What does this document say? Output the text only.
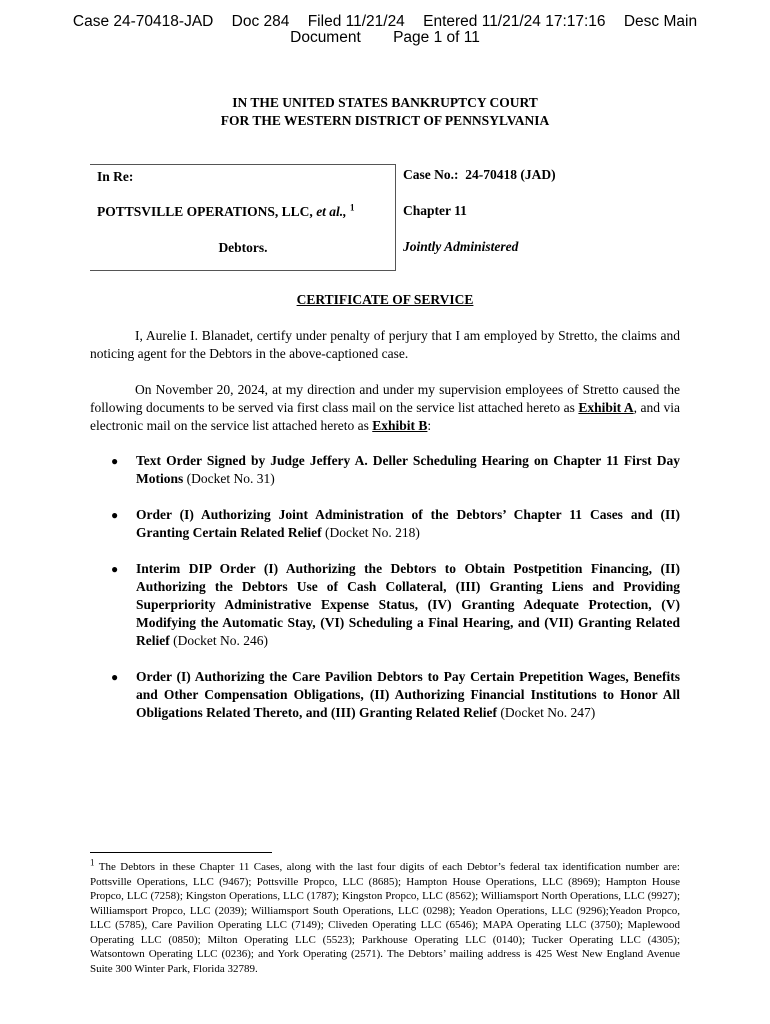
Case 24-70418-JAD Doc 284 Filed 11/21/24 Entered 11/21/24 17:17:16 Desc Main
Document Page 1 of 11
IN THE UNITED STATES BANKRUPTCY COURT
FOR THE WESTERN DISTRICT OF PENNSYLVANIA
In Re:
POTTSVILLE OPERATIONS, LLC, et al., $^1$
Debtors.
Case No.: 24-70418 (JAD)
Chapter 11
Jointly Administered
CERTIFICATE OF SERVICE
I, Aurelie I. Blanadet, certify under penalty of perjury that I am employed by Stretto, the claims and noticing agent for the Debtors in the above-captioned case.
On November 20, 2024, at my direction and under my supervision employees of Stretto caused the following documents to be served via first class mail on the service list attached hereto as Exhibit A, and via electronic mail on the service list attached hereto as Exhibit B:
● Text Order Signed by Judge Jeffery A. Deller Scheduling Hearing on Chapter 11 First Day Motions (Docket No. 31)
● Order (I) Authorizing Joint Administration of the Debtors’ Chapter 11 Cases and (II) Granting Certain Related Relief (Docket No. 218)
● Interim DIP Order (I) Authorizing the Debtors to Obtain Postpetition Financing, (II) Authorizing the Debtors Use of Cash Collateral, (III) Granting Liens and Providing Superpriority Administrative Expense Status, (IV) Granting Adequate Protection, (V) Modifying the Automatic Stay, (VI) Scheduling a Final Hearing, and (VII) Granting Related Relief (Docket No. 246)
● Order (I) Authorizing the Care Pavilion Debtors to Pay Certain Prepetition Wages, Benefits and Other Compensation Obligations, (II) Authorizing Financial Institutions to Honor All Obligations Related Thereto, and (III) Granting Related Relief (Docket No. 247)
$^1$ The Debtors in these Chapter 11 Cases, along with the last four digits of each Debtor’s federal tax identification number are: Pottsville Operations, LLC (9467); Pottsville Propco, LLC (8685); Hampton House Operations, LLC (8969); Hampton House Propco, LLC (7258); Kingston Operations, LLC (1787); Kingston Propco, LLC (8562); Williamsport North Operations, LLC (9927); Williamsport Propco, LLC (2039); Williamsport South Operations, LLC (0298); Yeadon Operations, LLC (9296);Yeadon Propco, LLC (5785), Care Pavilion Operating LLC (7149); Cliveden Operating LLC (6546); MAPA Operating LLC (3750); Maplewood Operating LLC (0850); Milton Operating LLC (5523); Parkhouse Operating LLC (0140); Tucker Operating LLC (4305); Watsontown Operating LLC (0236); and York Operating (2571). The Debtors’ mailing address is 425 West New England Avenue Suite 300 Winter Park, Florida 32789.
